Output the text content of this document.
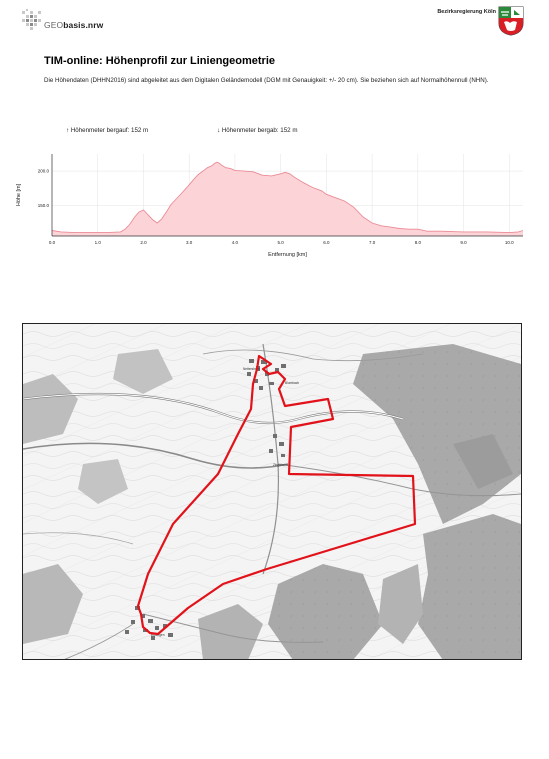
GEObasis.nrw
Bezirksregierung Köln
TIM-online: Höhenprofil zur Liniengeometrie
Die Höhendaten (DHHN2016) sind abgeleitet aus dem Digitalen Geländemodell (DGM mit Genauigkeit: +/- 20 cm). Sie beziehen sich auf Normalhöhennull (NHN).
↑ Höhenmeter bergauf: 152 m	↓ Höhenmeter bergab: 152 m
0.0	1.0	2.0	3.0	4.0	5.0	6.0	7.0	8.0	9.0	10.0
150.0
200.0
Entfernung [km]
Höhe [m]
Blumbach
Nettersheim
Zingsheim
Erblingen
